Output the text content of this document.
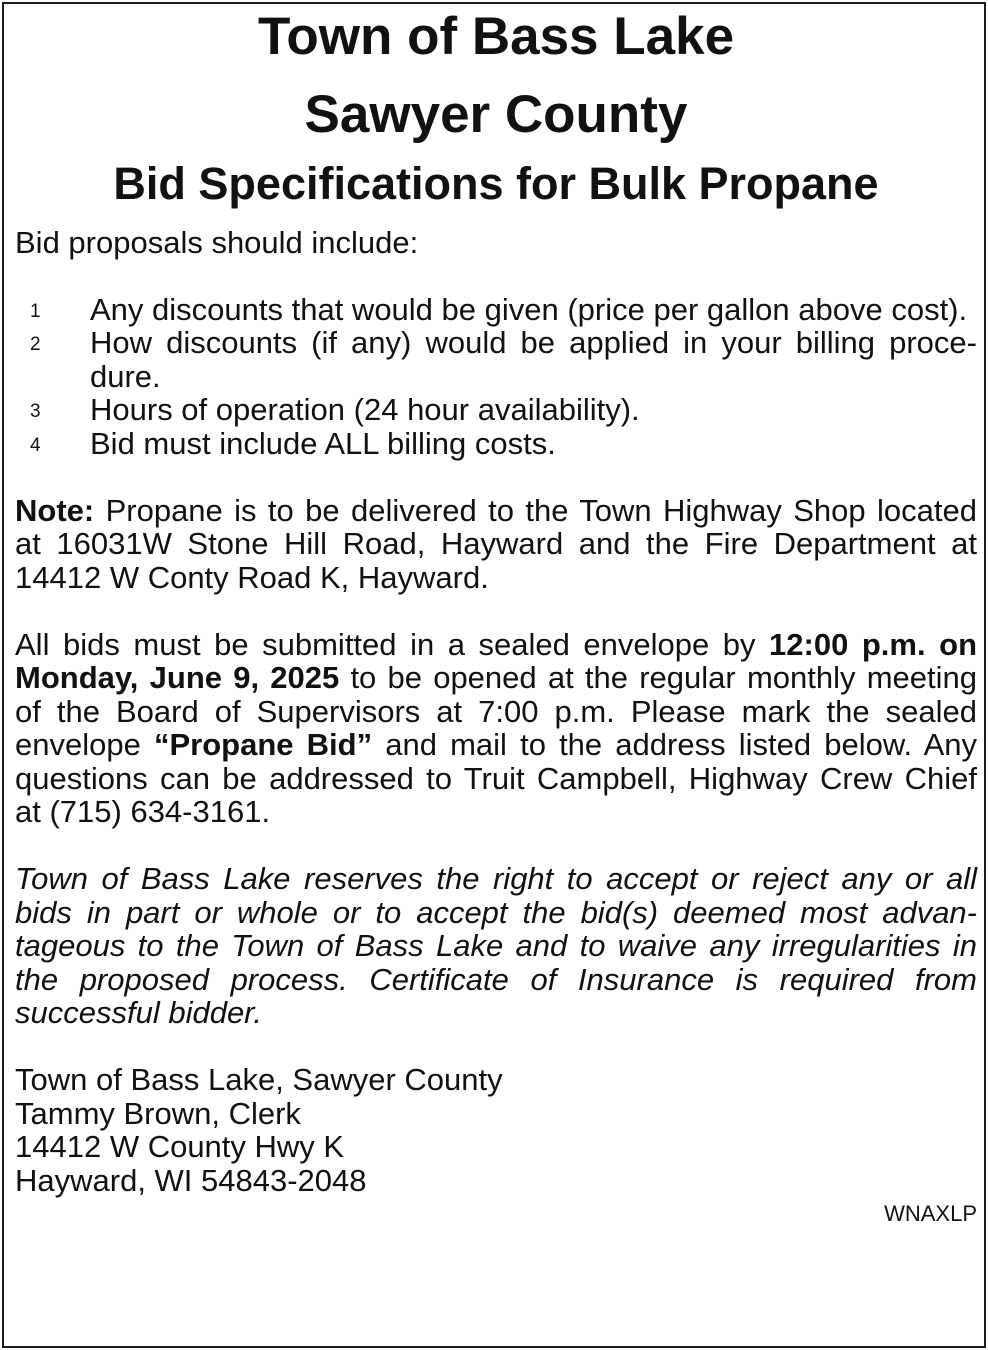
Town of Bass Lake
Sawyer County
Bid Specifications for Bulk Propane
Bid proposals should include:
1 Any discounts that would be given (price per gallon above cost).
2 How discounts (if any) would be applied in your billing procedure.
3 Hours of operation (24 hour availability).
4 Bid must include ALL billing costs.
Note: Propane is to be delivered to the Town Highway Shop located at 16031W Stone Hill Road, Hayward and the Fire Department at 14412 W Conty Road K, Hayward.
All bids must be submitted in a sealed envelope by 12:00 p.m. on Monday, June 9, 2025 to be opened at the regular monthly meeting of the Board of Supervisors at 7:00 p.m. Please mark the sealed envelope “Propane Bid” and mail to the address listed below. Any questions can be addressed to Truit Campbell, Highway Crew Chief at (715) 634-3161.
Town of Bass Lake reserves the right to accept or reject any or all bids in part or whole or to accept the bid(s) deemed most advantageous to the Town of Bass Lake and to waive any irregularities in the proposed process. Certificate of Insurance is required from successful bidder.
Town of Bass Lake, Sawyer County
Tammy Brown, Clerk
14412 W County Hwy K
Hayward, WI 54843-2048
WNAXLP
